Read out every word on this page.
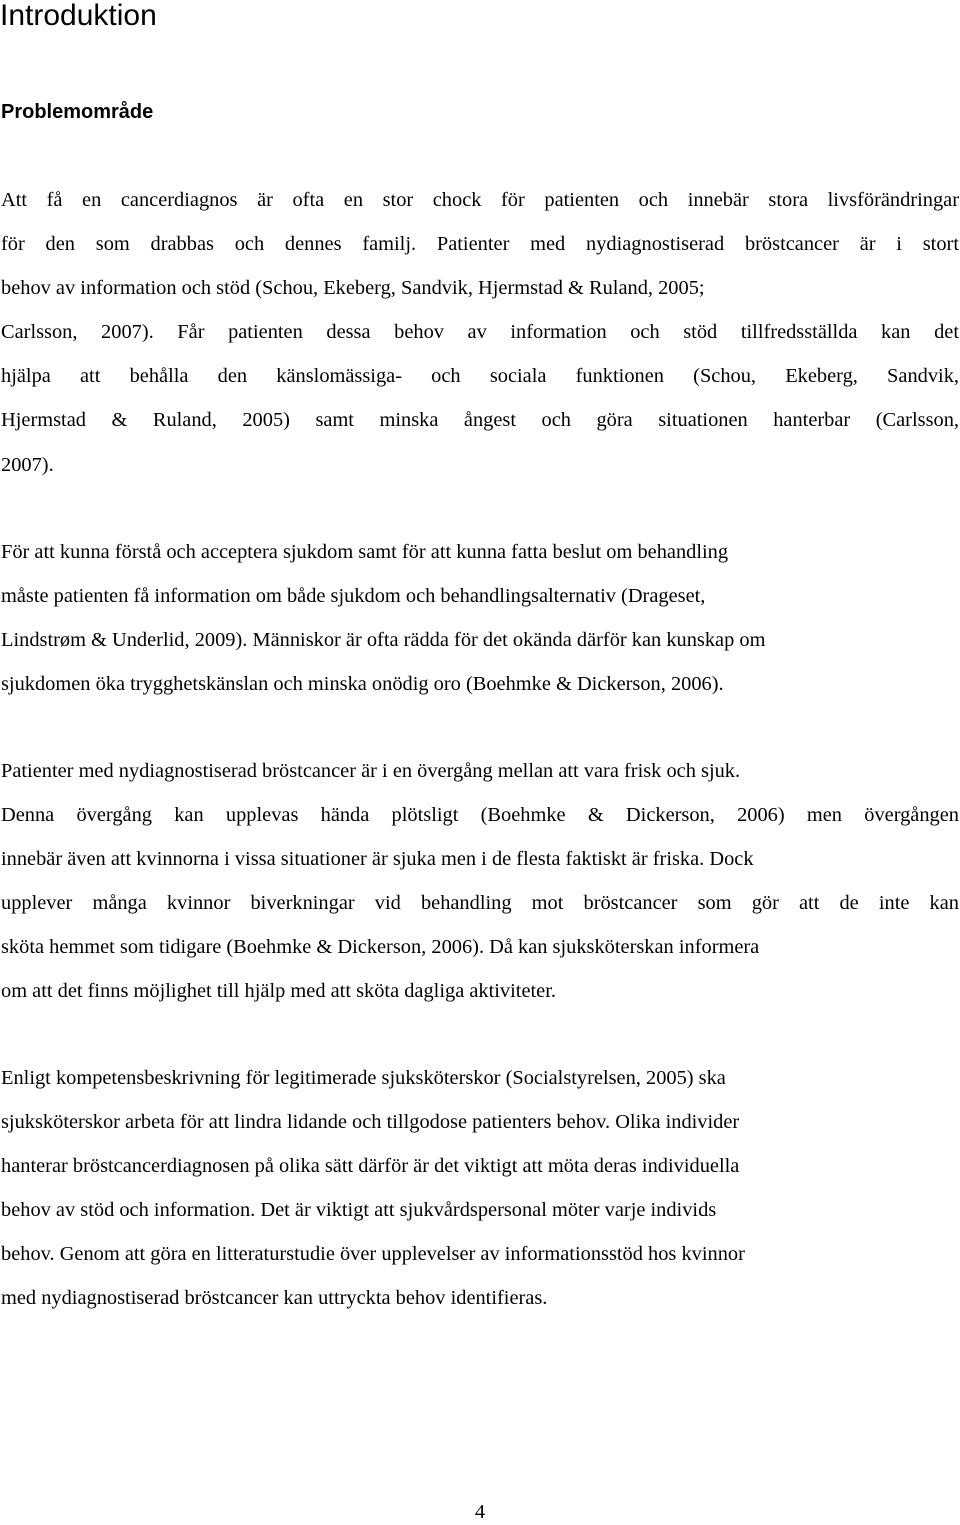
Introduktion
Problemområde
Att få en cancerdiagnos är ofta en stor chock för patienten och innebär stora livsförändringar
för den som drabbas och dennes familj. Patienter med nydiagnostiserad bröstcancer är i stort
behov av information och stöd (Schou, Ekeberg, Sandvik, Hjermstad & Ruland, 2005;
Carlsson, 2007). Får patienten dessa behov av information och stöd tillfredsställda kan det
hjälpa att behålla den känslomässiga- och sociala funktionen (Schou, Ekeberg, Sandvik,
Hjermstad & Ruland, 2005) samt minska ångest och göra situationen hanterbar (Carlsson,
2007).
För att kunna förstå och acceptera sjukdom samt för att kunna fatta beslut om behandling
måste patienten få information om både sjukdom och behandlingsalternativ (Drageset,
Lindstrøm & Underlid, 2009). Människor är ofta rädda för det okända därför kan kunskap om
sjukdomen öka trygghetskänslan och minska onödig oro (Boehmke & Dickerson, 2006).
Patienter med nydiagnostiserad bröstcancer är i en övergång mellan att vara frisk och sjuk.
Denna övergång kan upplevas hända plötsligt (Boehmke & Dickerson, 2006) men övergången
innebär även att kvinnorna i vissa situationer är sjuka men i de flesta faktiskt är friska. Dock
upplever många kvinnor biverkningar vid behandling mot bröstcancer som gör att de inte kan
sköta hemmet som tidigare (Boehmke & Dickerson, 2006). Då kan sjuksköterskan informera
om att det finns möjlighet till hjälp med att sköta dagliga aktiviteter.
Enligt kompetensbeskrivning för legitimerade sjuksköterskor (Socialstyrelsen, 2005) ska
sjuksköterskor arbeta för att lindra lidande och tillgodose patienters behov. Olika individer
hanterar bröstcancerdiagnosen på olika sätt därför är det viktigt att möta deras individuella
behov av stöd och information. Det är viktigt att sjukvårdspersonal möter varje individs
behov. Genom att göra en litteraturstudie över upplevelser av informationsstöd hos kvinnor
med nydiagnostiserad bröstcancer kan uttryckta behov identifieras.
4
